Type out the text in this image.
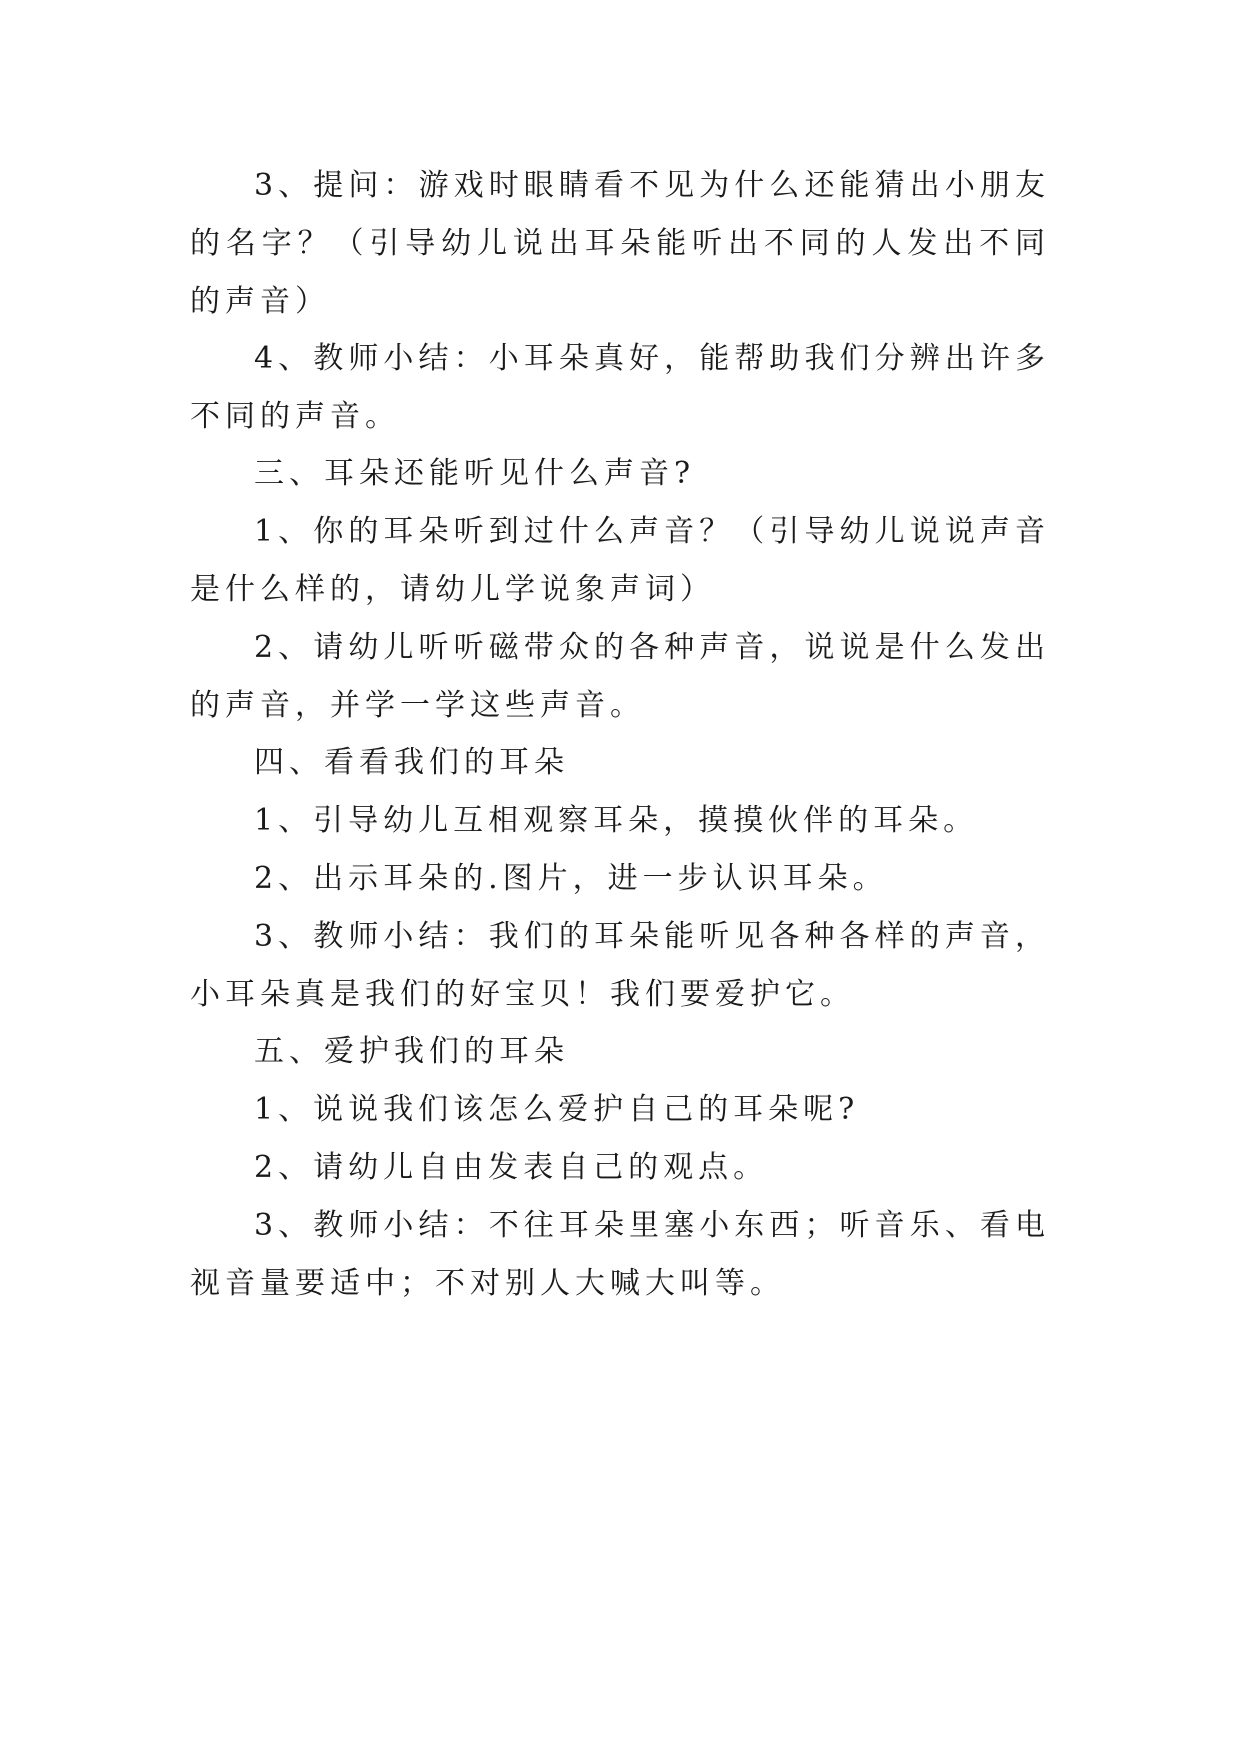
3、提问：游戏时眼睛看不见为什么还能猜出小朋友的名字？（引导幼儿说出耳朵能听出不同的人发出不同的声音）

4、教师小结：小耳朵真好，能帮助我们分辨出许多不同的声音。

三、耳朵还能听见什么声音?

1、你的耳朵听到过什么声音？（引导幼儿说说声音是什么样的，请幼儿学说象声词）

2、请幼儿听听磁带众的各种声音，说说是什么发出的声音，并学一学这些声音。

四、看看我们的耳朵

1、引导幼儿互相观察耳朵，摸摸伙伴的耳朵。

2、出示耳朵的.图片，进一步认识耳朵。

3、教师小结：我们的耳朵能听见各种各样的声音，小耳朵真是我们的好宝贝！我们要爱护它。

五、爱护我们的耳朵

1、说说我们该怎么爱护自己的耳朵呢?

2、请幼儿自由发表自己的观点。

3、教师小结：不往耳朵里塞小东西；听音乐、看电视音量要适中；不对别人大喊大叫等。
